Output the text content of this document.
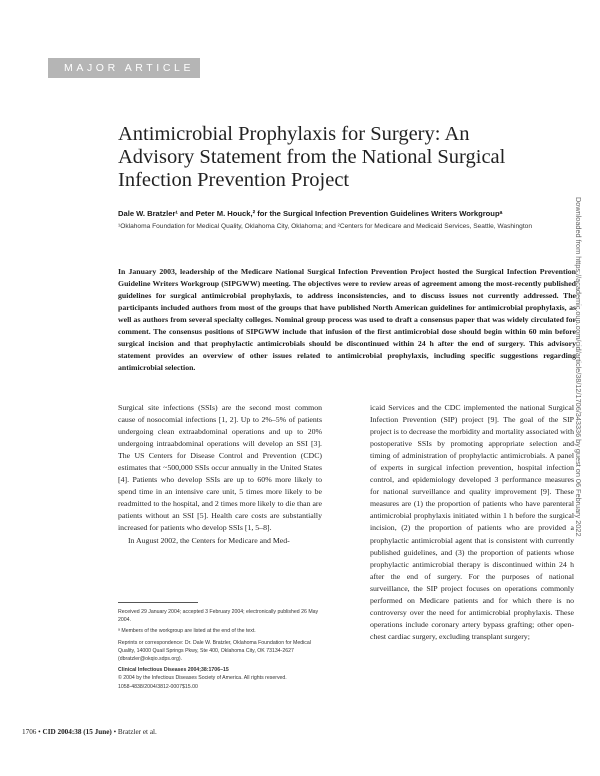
MAJOR ARTICLE
Antimicrobial Prophylaxis for Surgery: An Advisory Statement from the National Surgical Infection Prevention Project
Dale W. Bratzler¹ and Peter M. Houck,² for the Surgical Infection Prevention Guidelines Writers Workgroupᵃ
¹Oklahoma Foundation for Medical Quality, Oklahoma City, Oklahoma; and ²Centers for Medicare and Medicaid Services, Seattle, Washington
In January 2003, leadership of the Medicare National Surgical Infection Prevention Project hosted the Surgical Infection Prevention Guideline Writers Workgroup (SIPGWW) meeting. The objectives were to review areas of agreement among the most-recently published guidelines for surgical antimicrobial prophylaxis, to address inconsistencies, and to discuss issues not currently addressed. The participants included authors from most of the groups that have published North American guidelines for antimicrobial prophylaxis, as well as authors from several specialty colleges. Nominal group process was used to draft a consensus paper that was widely circulated for comment. The consensus positions of SIPGWW include that infusion of the first antimicrobial dose should begin within 60 min before surgical incision and that prophylactic antimicrobials should be discontinued within 24 h after the end of surgery. This advisory statement provides an overview of other issues related to antimicrobial prophylaxis, including specific suggestions regarding antimicrobial selection.

Surgical site infections (SSIs) are the second most common cause of nosocomial infections [1, 2]. Up to 2%–5% of patients undergoing clean extraabdominal operations and up to 20% undergoing intraabdominal operations will develop an SSI [3]. The US Centers for Disease Control and Prevention (CDC) estimates that ~500,000 SSIs occur annually in the United States [4]. Patients who develop SSIs are up to 60% more likely to spend time in an intensive care unit, 5 times more likely to be readmitted to the hospital, and 2 times more likely to die than are patients without an SSI [5]. Health care costs are substantially increased for patients who develop SSIs [1, 5–8].

In August 2002, the Centers for Medicare and Med-

Received 29 January 2004; accepted 3 February 2004; electronically published 26 May 2004.

ᵃ Members of the workgroup are listed at the end of the text.

Reprints or correspondence: Dr. Dale W. Bratzler, Oklahoma Foundation for Medical Quality, 14000 Quail Springs Pkwy, Ste 400, Oklahoma City, OK 73134-2627 (dbratzler@okqio.sdps.org).

Clinical Infectious Diseases 2004;38:1706–15

© 2004 by the Infectious Diseases Society of America. All rights reserved.

1058-4838/2004/3812-0007$15.00

icaid Services and the CDC implemented the national Surgical Infection Prevention (SIP) project [9]. The goal of the SIP project is to decrease the morbidity and mortality associated with postoperative SSIs by promoting appropriate selection and timing of administration of prophylactic antimicrobials. A panel of experts in surgical infection prevention, hospital infection control, and epidemiology developed 3 performance measures for national surveillance and quality improvement [9]. These measures are (1) the proportion of patients who have parenteral antimicrobial prophylaxis initiated within 1 h before the surgical incision, (2) the proportion of patients who are provided a prophylactic antimicrobial agent that is consistent with currently published guidelines, and (3) the proportion of patients whose prophylactic antimicrobial therapy is discontinued within 24 h after the end of surgery. For the purposes of national surveillance, the SIP project focuses on operations commonly performed on Medicare patients and for which there is no controversy over the need for antimicrobial prophylaxis. These operations include coronary artery bypass grafting; other open-chest cardiac surgery, excluding transplant surgery;

1706 • CID 2004:38 (15 June) • Bratzler et al.
Downloaded from https://academic.oup.com/cid/article/38/12/1706/343336 by guest on 06 February 2022
